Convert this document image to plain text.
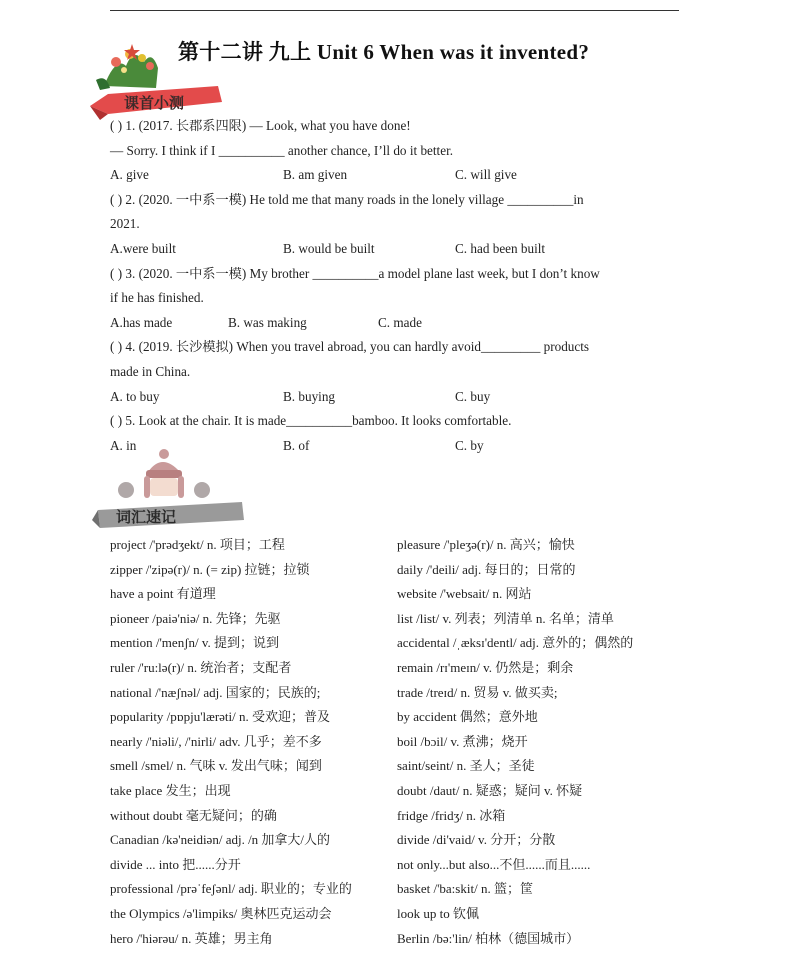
课首小测
第十二讲 九上 Unit 6 When was it invented?
( ) 1. (2017. 长郡系四限) — Look, what you have done!
— Sorry. I think if I __________ another chance, I’ll do it better.
A. give	B. am given	C. will give
( ) 2. (2020. 一中系一模) He told me that many roads in the lonely village __________in
2021.
A.were built	B. would be built	C. had been built
( ) 3. (2020. 一中系一模) My brother __________a model plane last week, but I don’t know
if he has finished.
A.has made	B. was making	C. made
( ) 4. (2019. 长沙模拟) When you travel abroad, you can hardly avoid_________ products
made in China.
A. to buy	B. buying	C. buy
( ) 5. Look at the chair. It is made__________bamboo. It looks comfortable.
A. in	B. of	C. by
词汇速记
project /'prədʒekt/ n. 项目；工程
zipper /'zipə(r)/ n. (= zip) 拉链；拉锁
have a point 有道理
pioneer /paiə'niə/ n. 先锋；先驱
mention /'menʃn/ v. 提到；说到
ruler /'ru:lə(r)/ n. 统治者；支配者
national /'næʃnəl/ adj. 国家的；民族的;
popularity /pɒpju'lærəti/ n. 受欢迎；普及
nearly /'niəli/, /'nirli/ adv. 几乎；差不多
smell /smel/ n. 气味 v. 发出气味；闻到
take place 发生；出现
without doubt 毫无疑问；的确
Canadian /kə'neidiən/ adj. /n 加拿大/人的
divide ... into 把......分开
professional /prəˈfeʃənl/ adj. 职业的；专业的
the Olympics /ə'limpiks/ 奥林匹克运动会
hero /'hiərəu/ n. 英雄；男主角
pleasure /'pleʒə(r)/ n. 高兴；愉快
daily /'deili/ adj. 每日的；日常的
website /'websait/ n. 网站
list /list/ v. 列表；列清单 n. 名单；清单
accidental /ˌæksɪ'dentl/ adj. 意外的；偶然的
remain /rɪ'meɪn/ v. 仍然是；剩余
trade /treɪd/ n. 贸易 v. 做买卖;
by accident 偶然；意外地
boil /bɔil/ v. 煮沸；烧开
saint/seint/ n. 圣人；圣徒
doubt /daut/ n. 疑惑；疑问 v. 怀疑
fridge /fridʒ/ n. 冰箱
divide /di'vaid/ v. 分开；分散
not only...but also...不但......而且......
basket /'ba:skit/ n. 篮；筐
look up to 钦佩
Berlin /bə:'lin/ 柏林（德国城市）
